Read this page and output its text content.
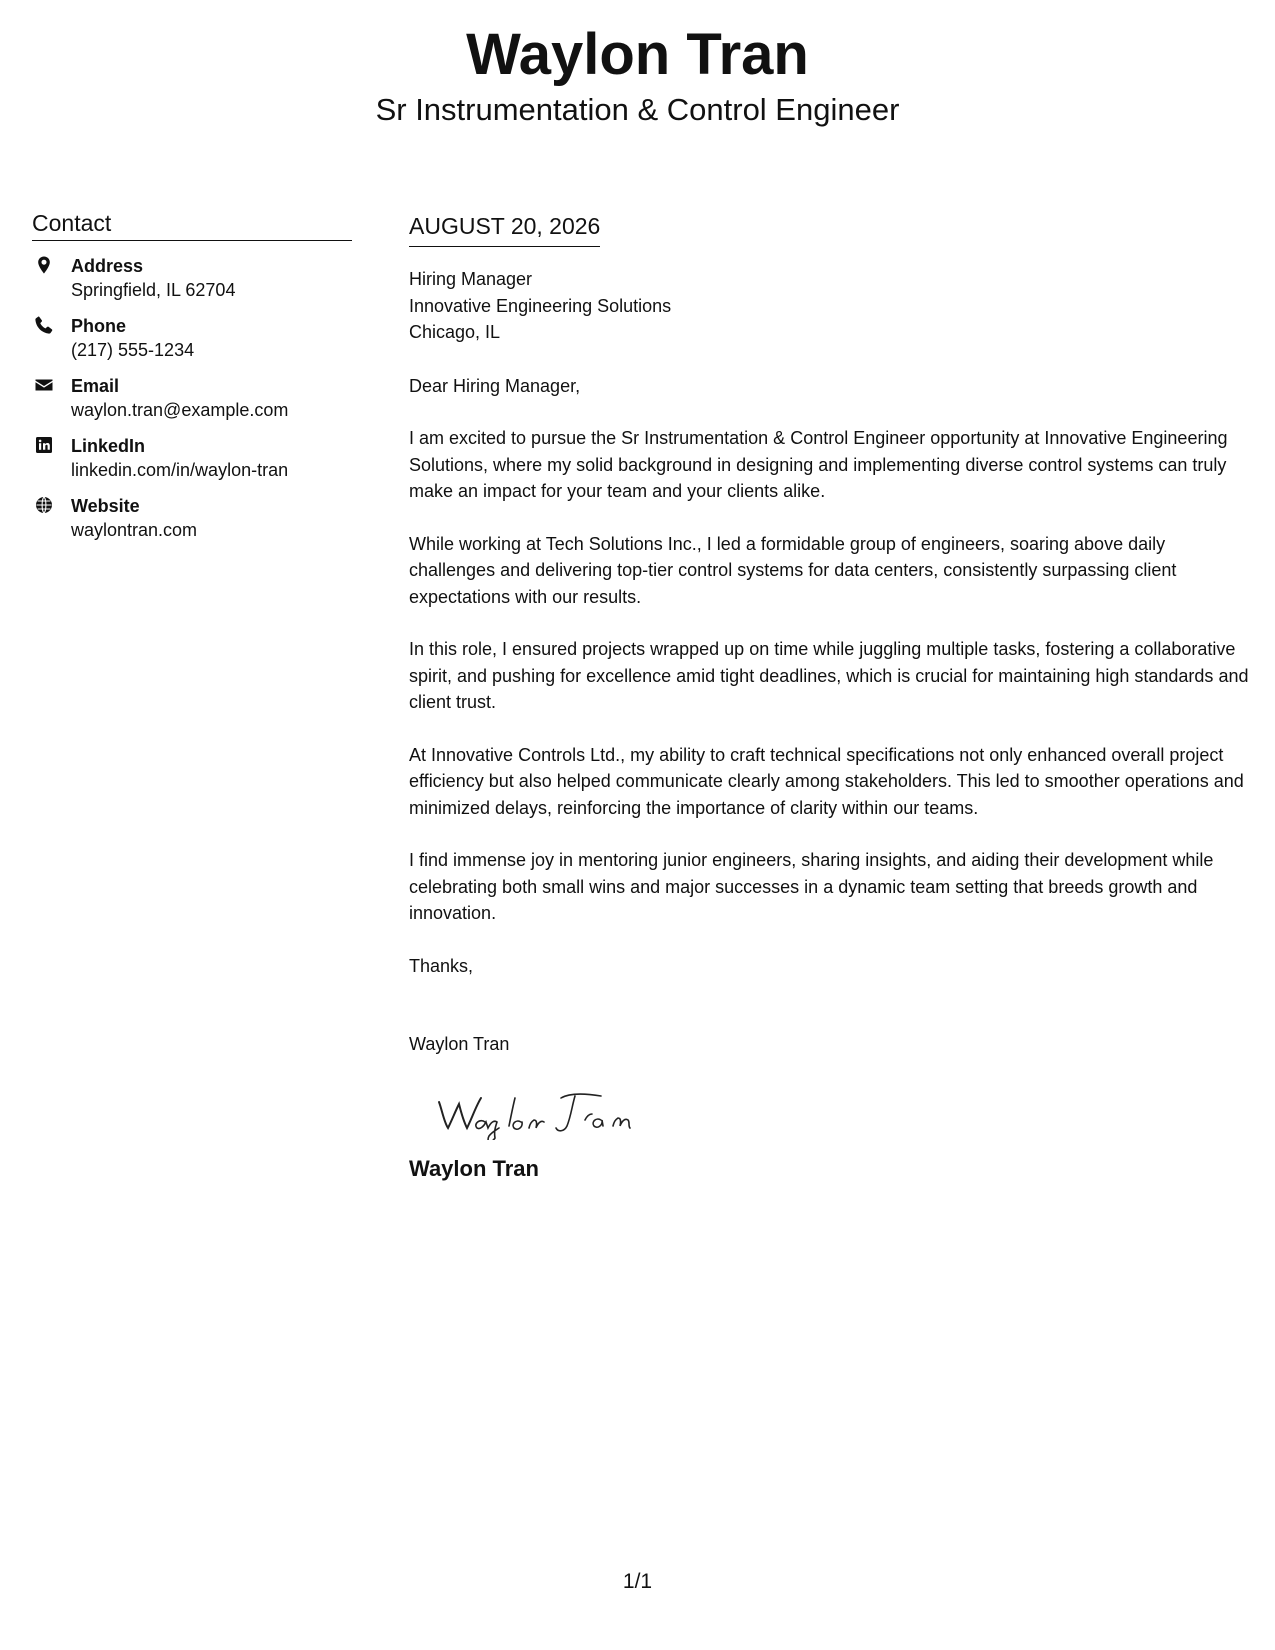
Waylon Tran

Sr Instrumentation & Control Engineer

Contact
Address
Springfield, IL 62704
Phone
(217) 555-1234
Email
waylon.tran@example.com
LinkedIn
linkedin.com/in/waylon-tran
Website
waylontran.com
AUGUST 20, 2026
Hiring Manager
Innovative Engineering Solutions
Chicago, IL
Dear Hiring Manager,
I am excited to pursue the Sr Instrumentation & Control Engineer opportunity at Innovative Engineering Solutions, where my solid background in designing and implementing diverse control systems can truly make an impact for your team and your clients alike.
While working at Tech Solutions Inc., I led a formidable group of engineers, soaring above daily challenges and delivering top-tier control systems for data centers, consistently surpassing client expectations with our results.
In this role, I ensured projects wrapped up on time while juggling multiple tasks, fostering a collaborative spirit, and pushing for excellence amid tight deadlines, which is crucial for maintaining high standards and client trust.
At Innovative Controls Ltd., my ability to craft technical specifications not only enhanced overall project efficiency but also helped communicate clearly among stakeholders. This led to smoother operations and minimized delays, reinforcing the importance of clarity within our teams.
I find immense joy in mentoring junior engineers, sharing insights, and aiding their development while celebrating both small wins and major successes in a dynamic team setting that breeds growth and innovation.
Thanks,
Waylon Tran
Waylon Tran
1/1
